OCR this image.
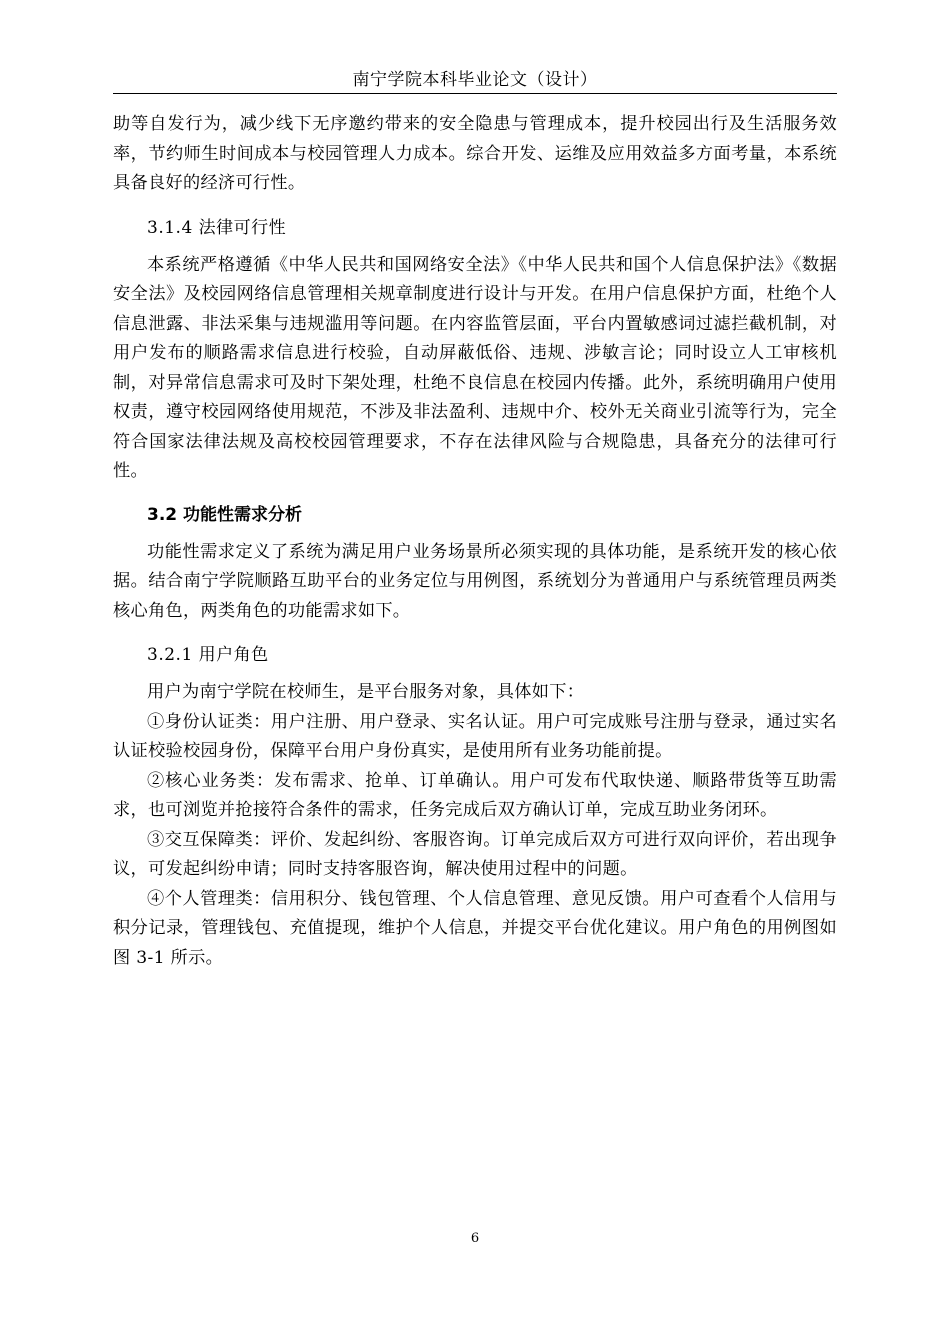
南宁学院本科毕业论文（设计）

助等自发行为，减少线下无序邀约带来的安全隐患与管理成本，提升校园出行及生活服务效率，节约师生时间成本与校园管理人力成本。综合开发、运维及应用效益多方面考量，本系统具备良好的经济可行性。

3.1.4 法律可行性

本系统严格遵循《中华人民共和国网络安全法》《中华人民共和国个人信息保护法》《数据安全法》及校园网络信息管理相关规章制度进行设计与开发。在用户信息保护方面，杜绝个人信息泄露、非法采集与违规滥用等问题。在内容监管层面，平台内置敏感词过滤拦截机制，对用户发布的顺路需求信息进行校验，自动屏蔽低俗、违规、涉敏言论；同时设立人工审核机制，对异常信息需求可及时下架处理，杜绝不良信息在校园内传播。此外，系统明确用户使用权责，遵守校园网络使用规范，不涉及非法盈利、违规中介、校外无关商业引流等行为，完全符合国家法律法规及高校校园管理要求，不存在法律风险与合规隐患，具备充分的法律可行性。

3.2 功能性需求分析

功能性需求定义了系统为满足用户业务场景所必须实现的具体功能，是系统开发的核心依据。结合南宁学院顺路互助平台的业务定位与用例图，系统划分为普通用户与系统管理员两类核心角色，两类角色的功能需求如下。

3.2.1 用户角色

用户为南宁学院在校师生，是平台服务对象，具体如下：

①身份认证类：用户注册、用户登录、实名认证。用户可完成账号注册与登录，通过实名认证校验校园身份，保障平台用户身份真实，是使用所有业务功能前提。

②核心业务类：发布需求、抢单、订单确认。用户可发布代取快递、顺路带货等互助需求，也可浏览并抢接符合条件的需求，任务完成后双方确认订单，完成互助业务闭环。

③交互保障类：评价、发起纠纷、客服咨询。订单完成后双方可进行双向评价，若出现争议，可发起纠纷申请；同时支持客服咨询，解决使用过程中的问题。

④个人管理类：信用积分、钱包管理、个人信息管理、意见反馈。用户可查看个人信用与积分记录，管理钱包、充值提现，维护个人信息，并提交平台优化建议。用户角色的用例图如图 3-1 所示。

6
